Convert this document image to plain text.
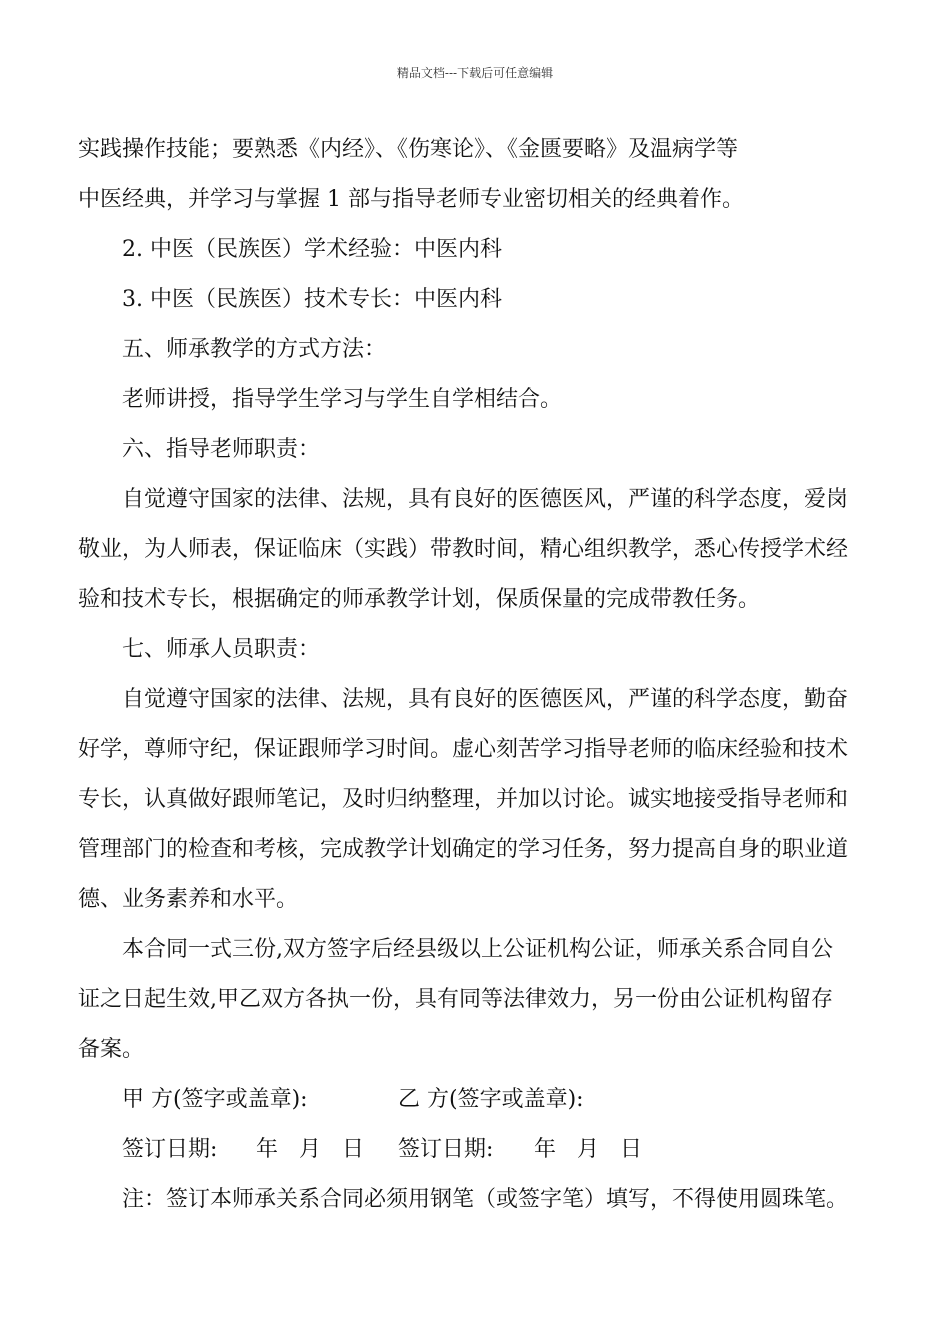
精品文档---下载后可任意编辑
实践操作技能；要熟悉《内经》、《伤寒论》、《金匮要略》及温病学等
中医经典，并学习与掌握 1 部与指导老师专业密切相关的经典着作。
2. 中医（民族医）学术经验：中医内科
3. 中医（民族医）技术专长：中医内科
五、师承教学的方式方法：
老师讲授，指导学生学习与学生自学相结合。
六、指导老师职责：
自觉遵守国家的法律、法规，具有良好的医德医风，严谨的科学态度，爱岗
敬业，为人师表，保证临床（实践）带教时间，精心组织教学，悉心传授学术经
验和技术专长，根据确定的师承教学计划，保质保量的完成带教任务。
七、师承人员职责：
自觉遵守国家的法律、法规，具有良好的医德医风，严谨的科学态度，勤奋
好学，尊师守纪，保证跟师学习时间。虚心刻苦学习指导老师的临床经验和技术
专长，认真做好跟师笔记，及时归纳整理，并加以讨论。诚实地接受指导老师和
管理部门的检查和考核，完成教学计划确定的学习任务，努力提高自身的职业道
德、业务素养和水平。
本合同一式三份,双方签字后经县级以上公证机构公证，师承关系合同自公
证之日起生效,甲乙双方各执一份，具有同等法律效力，另一份由公证机构留存
备案。
甲 方(签字或盖章):	乙 方(签字或盖章):
签订日期: 年   月   日 签订日期: 年   月   日
注：签订本师承关系合同必须用钢笔（或签字笔）填写，不得使用圆珠笔。
